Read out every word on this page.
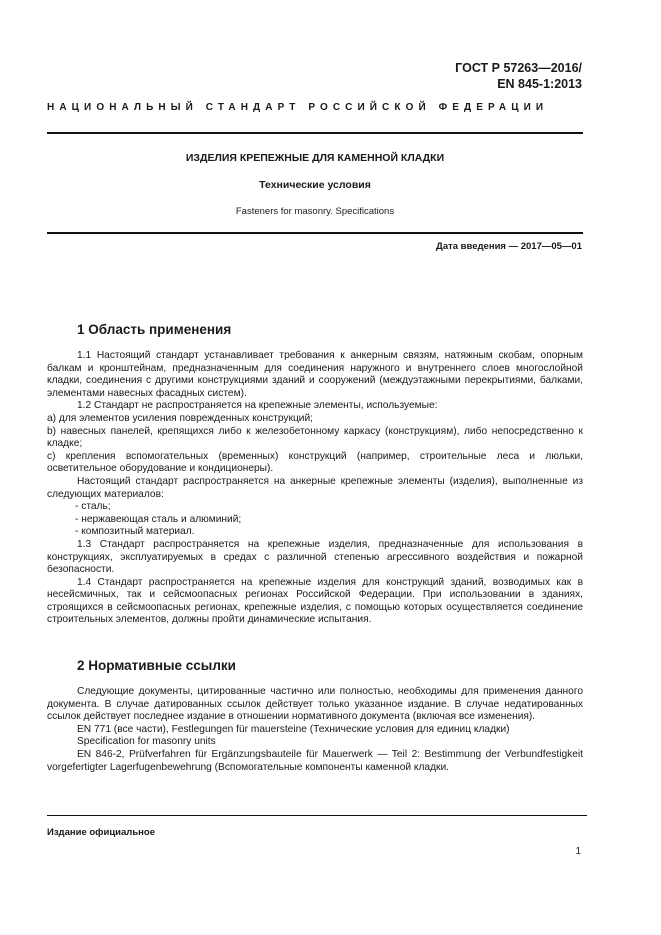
ГОСТ Р 57263—2016/
EN 845-1:2013
НАЦИОНАЛЬНЫЙ СТАНДАРТ РОССИЙСКОЙ ФЕДЕРАЦИИ
ИЗДЕЛИЯ КРЕПЕЖНЫЕ ДЛЯ КАМЕННОЙ КЛАДКИ
Технические условия
Fasteners for masonry. Specifications
Дата введения — 2017—05—01
1 Область применения

1.1 Настоящий стандарт устанавливает требования к анкерным связям, натяжным скобам, опорным балкам и кронштейнам, предназначенным для соединения наружного и внутреннего слоев многослойной кладки, соединения с другими конструкциями зданий и сооружений (междуэтажными перекрытиями, балками, элементами навесных фасадных систем).

1.2 Стандарт не распространяется на крепежные элементы, используемые:

а) для элементов усиления поврежденных конструкций;

b) навесных панелей, крепящихся либо к железобетонному каркасу (конструкциям), либо непосредственно к кладке;

с) крепления вспомогательных (временных) конструкций (например, строительные леса и люльки, осветительное оборудование и кондиционеры).

Настоящий стандарт распространяется на анкерные крепежные элементы (изделия), выполненные из следующих материалов:

- сталь;

- нержавеющая сталь и алюминий;

- композитный материал.

1.3 Стандарт распространяется на крепежные изделия, предназначенные для использования в конструкциях, эксплуатируемых в средах с различной степенью агрессивного воздействия и пожарной безопасности.

1.4 Стандарт распространяется на крепежные изделия для конструкций зданий, возводимых как в несейсмичных, так и сейсмоопасных регионах Российской Федерации. При использовании в зданиях, строящихся в сейсмоопасных регионах, крепежные изделия, с помощью которых осуществляется соединение строительных элементов, должны пройти динамические испытания.

2 Нормативные ссылки

Следующие документы, цитированные частично или полностью, необходимы для применения данного документа. В случае датированных ссылок действует только указанное издание. В случае недатированных ссылок действует последнее издание в отношении нормативного документа (включая все изменения).

EN 771 (все части), Festlegungen für mauersteine (Технические условия для единиц кладки)

Specification for masonry units

EN 846-2, Prüfverfahren für Ergänzungsbauteile für Mauerwerk — Teil 2: Bestimmung der Verbundfestigkeit vorgefertigter Lagerfugenbewehrung (Вспомогательные компоненты каменной кладки.

Издание официальное
1
